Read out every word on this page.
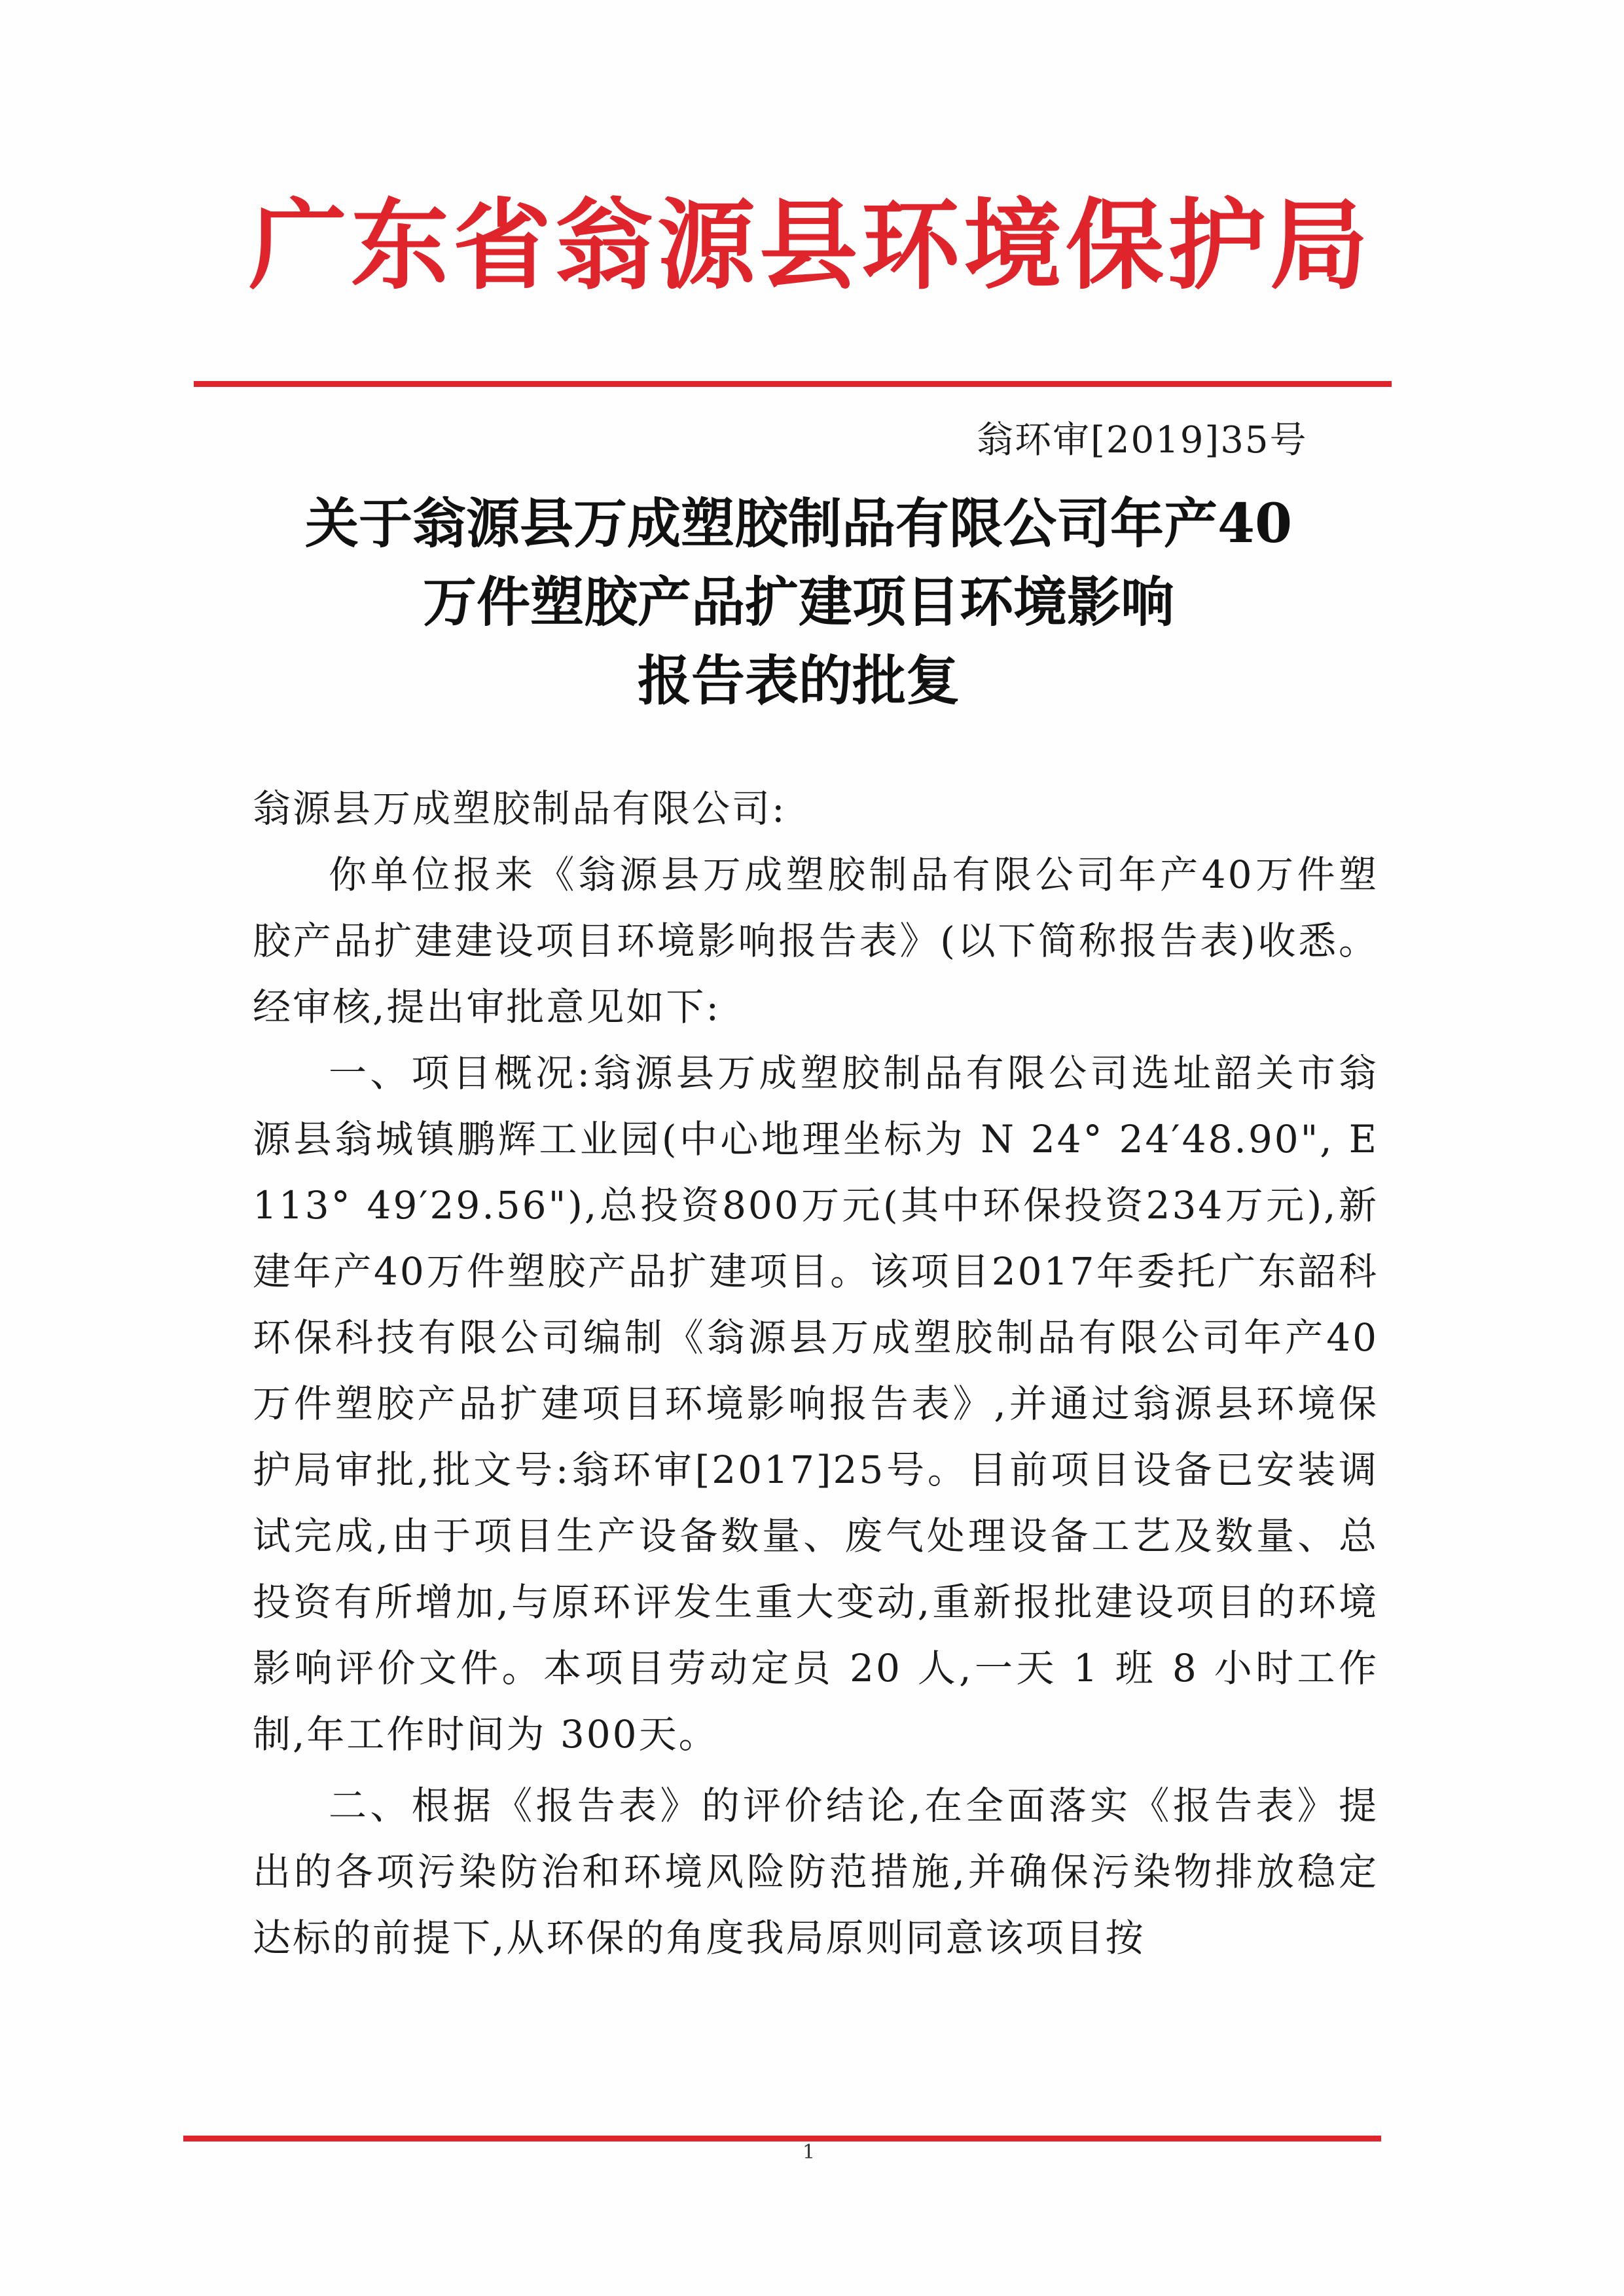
广东省翁源县环境保护局
翁环审[2019]35号
关于翁源县万成塑胶制品有限公司年产40
万件塑胶产品扩建项目环境影响
报告表的批复

翁源县万成塑胶制品有限公司:

你单位报来《翁源县万成塑胶制品有限公司年产40万件塑胶产品扩建建设项目环境影响报告表》(以下简称报告表)收悉。经审核,提出审批意见如下:

一、项目概况:翁源县万成塑胶制品有限公司选址韶关市翁源县翁城镇鹏辉工业园(中心地理坐标为 N 24° 24′48.90", E 113° 49′29.56"),总投资800万元(其中环保投资234万元),新建年产40万件塑胶产品扩建项目。该项目2017年委托广东韶科环保科技有限公司编制《翁源县万成塑胶制品有限公司年产40万件塑胶产品扩建项目环境影响报告表》,并通过翁源县环境保护局审批,批文号:翁环审[2017]25号。目前项目设备已安装调试完成,由于项目生产设备数量、废气处理设备工艺及数量、总投资有所增加,与原环评发生重大变动,重新报批建设项目的环境影响评价文件。本项目劳动定员 20 人,一天 1 班 8 小时工作制,年工作时间为 300天。

二、根据《报告表》的评价结论,在全面落实《报告表》提出的各项污染防治和环境风险防范措施,并确保污染物排放稳定达标的前提下,从环保的角度我局原则同意该项目按

1
